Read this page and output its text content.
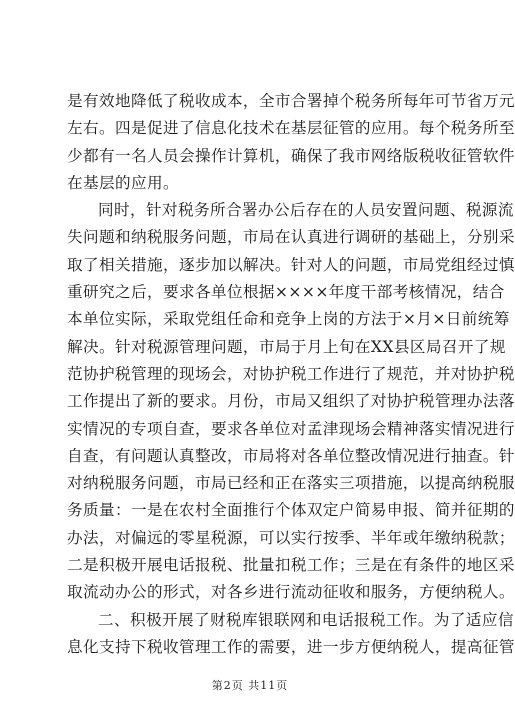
是有效地降低了税收成本，全市合署掉个税务所每年可节省万元
左右。四是促进了信息化技术在基层征管的应用。每个税务所至
少都有一名人员会操作计算机，确保了我市网络版税收征管软件
在基层的应用。
同时，针对税务所合署办公后存在的人员安置问题、税源流
失问题和纳税服务问题，市局在认真进行调研的基础上，分别采
取了相关措施，逐步加以解决。针对人的问题，市局党组经过慎
重研究之后，要求各单位根据××××年度干部考核情况，结合
本单位实际，采取党组任命和竞争上岗的方法于×月×日前统筹
解决。针对税源管理问题，市局于月上旬在XX县区局召开了规
范协护税管理的现场会，对协护税工作进行了规范，并对协护税
工作提出了新的要求。月份，市局又组织了对协护税管理办法落
实情况的专项自查，要求各单位对孟津现场会精神落实情况进行
自查，有问题认真整改，市局将对各单位整改情况进行抽查。针
对纳税服务问题，市局已经和正在落实三项措施，以提高纳税服
务质量：一是在农村全面推行个体双定户简易申报、简并征期的
办法，对偏远的零星税源，可以实行按季、半年或年缴纳税款；
二是积极开展电话报税、批量扣税工作；三是在有条件的地区采
取流动办公的形式，对各乡进行流动征收和服务，方便纳税人。
二、积极开展了财税库银联网和电话报税工作。为了适应信
息化支持下税收管理工作的需要，进一步方便纳税人，提高征管
第2页 共11页
